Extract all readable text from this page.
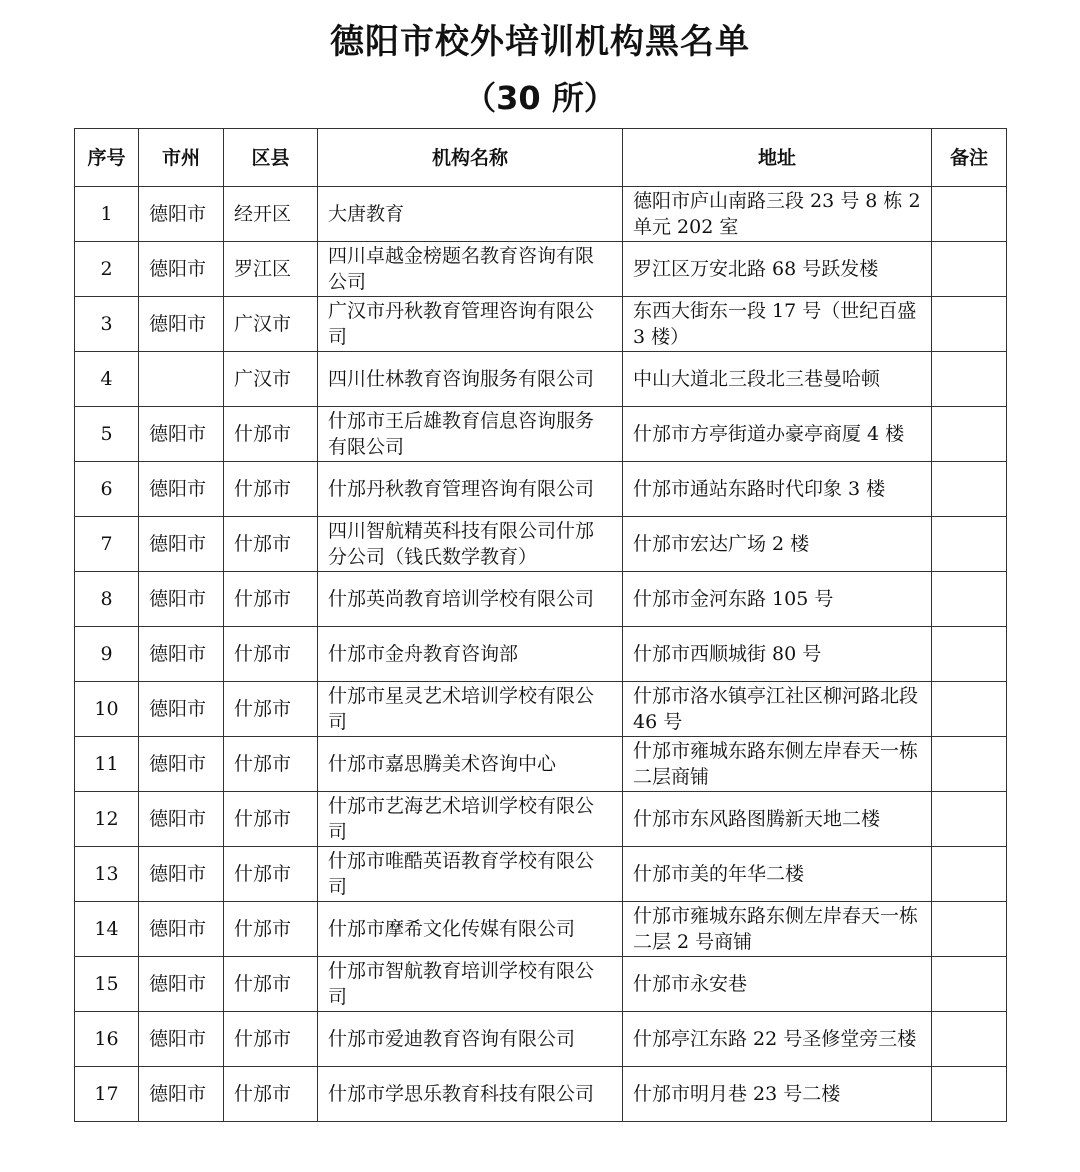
德阳市校外培训机构黑名单
（30 所）
序号	市州	区县	机构名称	地址	备注
1	德阳市	经开区	大唐教育	德阳市庐山南路三段 23 号 8 栋 2 单元 202 室	
2	德阳市	罗江区	四川卓越金榜题名教育咨询有限公司	罗江区万安北路 68 号跃发楼	
3	德阳市	广汉市	广汉市丹秋教育管理咨询有限公司	东西大街东一段 17 号（世纪百盛 3 楼）	
4		广汉市	四川仕林教育咨询服务有限公司	中山大道北三段北三巷曼哈顿	
5	德阳市	什邡市	什邡市王后雄教育信息咨询服务有限公司	什邡市方亭街道办豪亭商厦 4 楼	
6	德阳市	什邡市	什邡丹秋教育管理咨询有限公司	什邡市通站东路时代印象 3 楼	
7	德阳市	什邡市	四川智航精英科技有限公司什邡分公司（钱氏数学教育）	什邡市宏达广场 2 楼	
8	德阳市	什邡市	什邡英尚教育培训学校有限公司	什邡市金河东路 105 号	
9	德阳市	什邡市	什邡市金舟教育咨询部	什邡市西顺城街 80 号	
10	德阳市	什邡市	什邡市星灵艺术培训学校有限公司	什邡市洛水镇亭江社区柳河路北段 46 号	
11	德阳市	什邡市	什邡市嘉思腾美术咨询中心	什邡市雍城东路东侧左岸春天一栋二层商铺	
12	德阳市	什邡市	什邡市艺海艺术培训学校有限公司	什邡市东风路图腾新天地二楼	
13	德阳市	什邡市	什邡市唯酷英语教育学校有限公司	什邡市美的年华二楼	
14	德阳市	什邡市	什邡市摩希文化传媒有限公司	什邡市雍城东路东侧左岸春天一栋二层 2 号商铺	
15	德阳市	什邡市	什邡市智航教育培训学校有限公司	什邡市永安巷	
16	德阳市	什邡市	什邡市爱迪教育咨询有限公司	什邡亭江东路 22 号圣修堂旁三楼	
17	德阳市	什邡市	什邡市学思乐教育科技有限公司	什邡市明月巷 23 号二楼	
